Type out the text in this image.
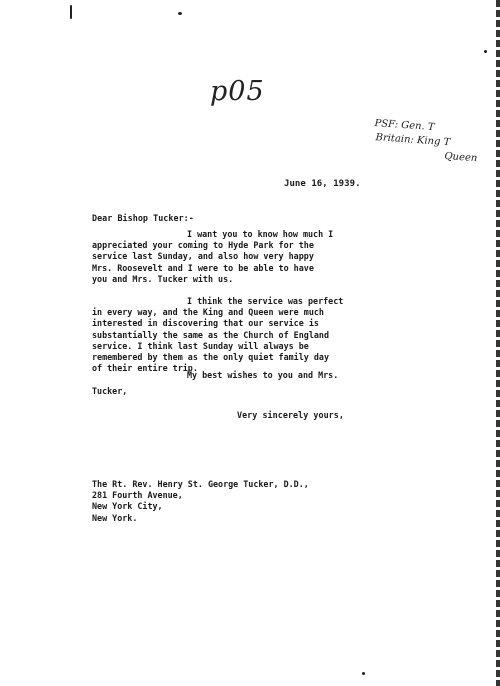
p05
PSF: Gen. T
Britain: King T
Queen
June 16, 1939.
Dear Bishop Tucker:-
I want you to know how much I
appreciated your coming to Hyde Park for the
service last Sunday, and also how very happy
Mrs. Roosevelt and I were to be able to have
you and Mrs. Tucker with us.
I think the service was perfect
in every way, and the King and Queen were much
interested in discovering that our service is
substantially the same as the Church of England
service. I think last Sunday will always be
remembered by them as the only quiet family day
of their entire trip.
My best wishes to you and Mrs.
Tucker,
Very sincerely yours,
The Rt. Rev. Henry St. George Tucker, D.D.,
281 Fourth Avenue,
New York City,
New York.
